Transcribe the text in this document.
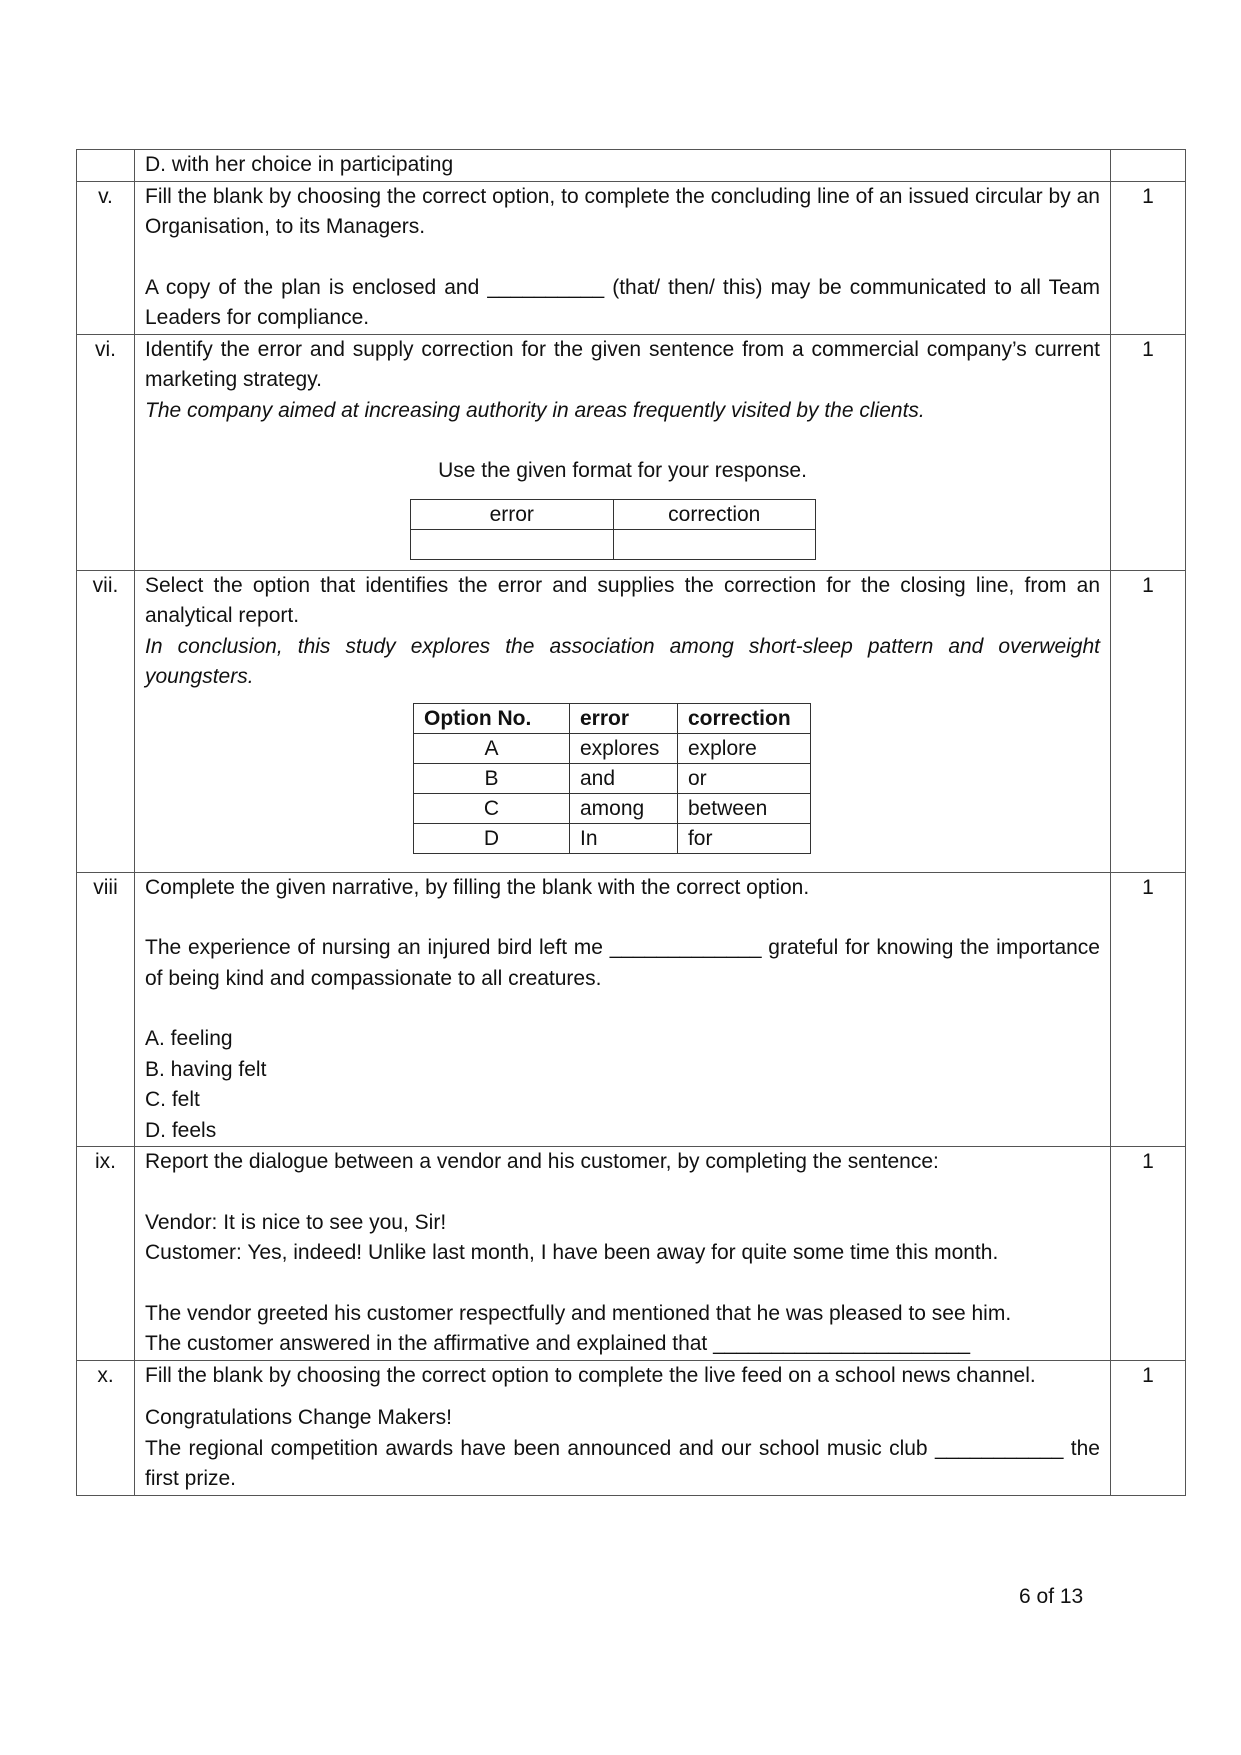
D. with her choice in participating

v.	Fill the blank by choosing the correct option, to complete the concluding line of an issued circular by an Organisation, to its Managers.

A copy of the plan is enclosed and __________ (that/ then/ this) may be communicated to all Team Leaders for compliance.

	1
vi.	Identify the error and supply correction for the given sentence from a commercial company’s current marketing strategy.

The company aimed at increasing authority in areas frequently visited by the clients.

Use the given format for your response.

error	correction

	1
vii.	Select the option that identifies the error and supplies the correction for the closing line, from an analytical report.

In conclusion, this study explores the association among short-sleep pattern and overweight youngsters.

Option No.	error	correction
A	explores	explore
B	and	or
C	among	between
D	In	for
	1
viii	Complete the given narrative, by filling the blank with the correct option.

The experience of nursing an injured bird left me _____________ grateful for knowing the importance of being kind and compassionate to all creatures.

A. feeling

B. having felt

C. felt

D. feels

	1
ix.	Report the dialogue between a vendor and his customer, by completing the sentence:

Vendor: It is nice to see you, Sir!

Customer: Yes, indeed! Unlike last month, I have been away for quite some time this month.

The vendor greeted his customer respectfully and mentioned that he was pleased to see him.

The customer answered in the affirmative and explained that ______________________

	1
x.	Fill the blank by choosing the correct option to complete the live feed on a school news channel.

Congratulations Change Makers!

The regional competition awards have been announced and our school music club ___________ the first prize.

	1
6 of 13
